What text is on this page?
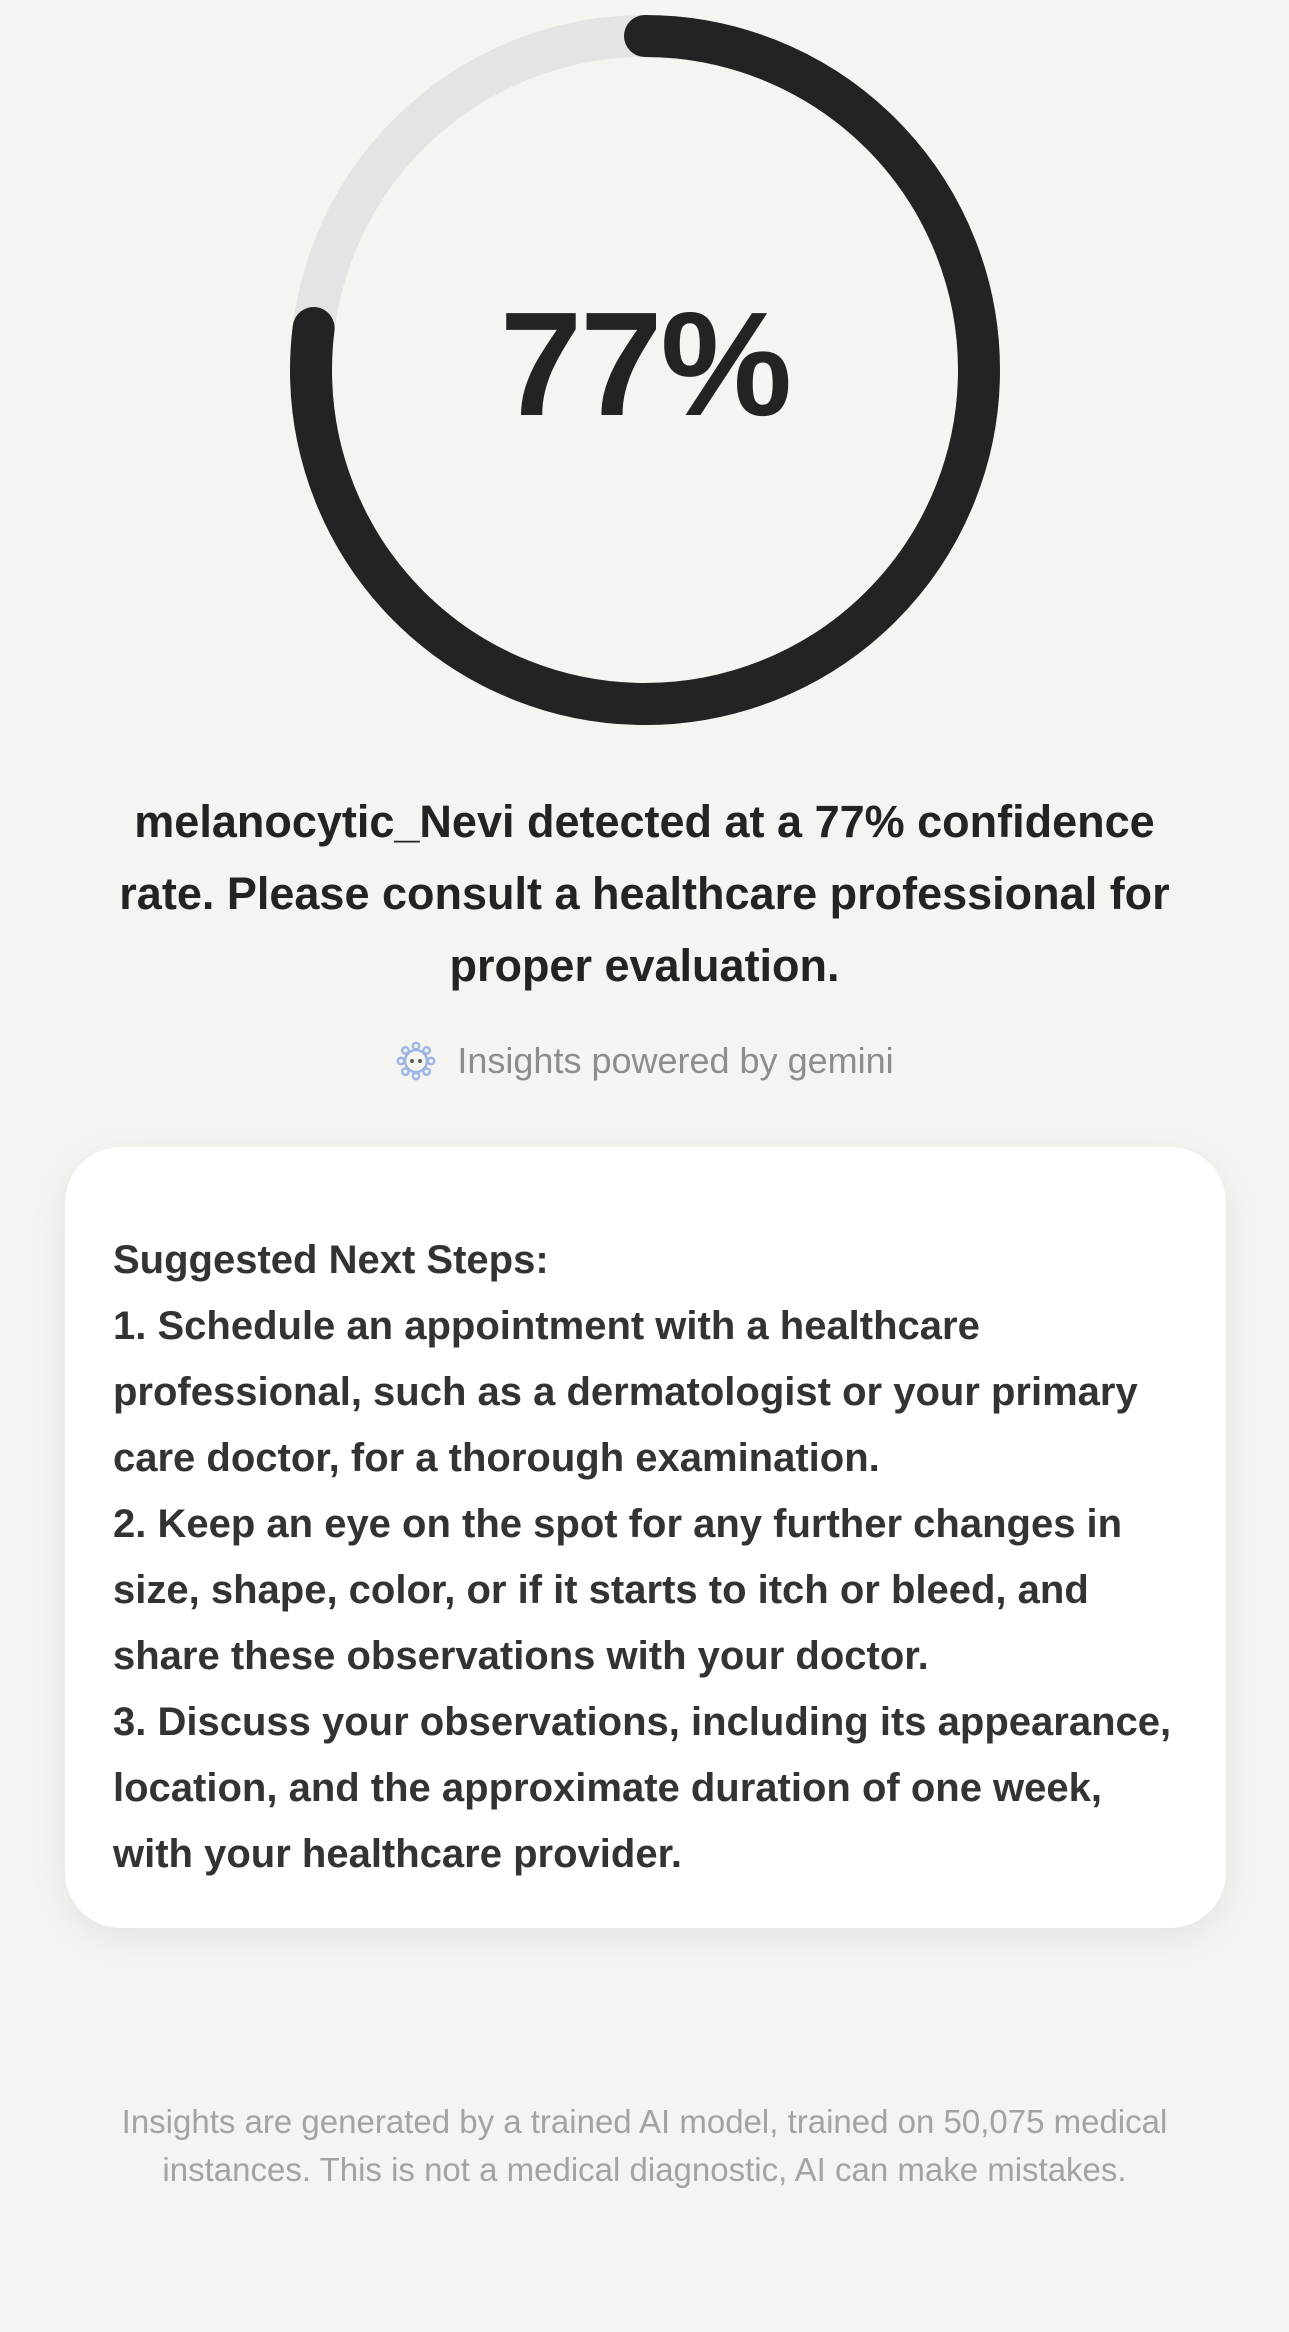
77%
melanocytic_Nevi detected at a 77% confidence rate. Please consult a healthcare professional for proper evaluation.
Insights powered by gemini
Suggested Next Steps:
1. Schedule an appointment with a healthcare professional, such as a dermatologist or your primary care doctor, for a thorough examination.
2. Keep an eye on the spot for any further changes in size, shape, color, or if it starts to itch or bleed, and share these observations with your doctor.
3. Discuss your observations, including its appearance, location, and the approximate duration of one week, with your healthcare provider.
Insights are generated by a trained AI model, trained on 50,075 medical instances. This is not a medical diagnostic, AI can make mistakes.
